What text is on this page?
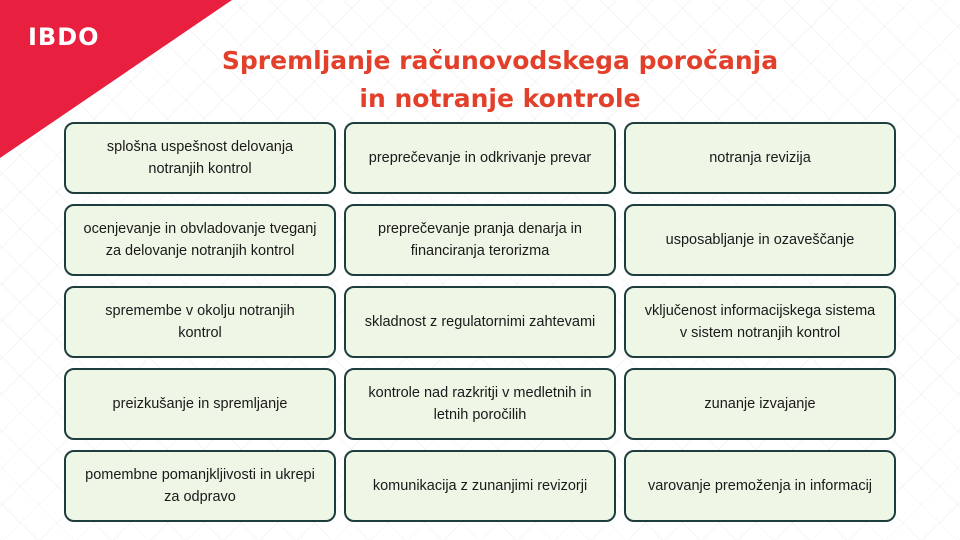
IBDO
Spremljanje računovodskega poročanja
in notranje kontrole
splošna uspešnost delovanja notranjih kontrol
preprečevanje in odkrivanje prevar	notranja revizija
ocenjevanje in obvladovanje tveganj za delovanje notranjih kontrol
preprečevanje pranja denarja in financiranja terorizma
usposabljanje in ozaveščanje
spremembe v okolju notranjih kontrol
skladnost z regulatornimi zahtevami
vključenost informacijskega sistema v sistem notranjih kontrol
preizkušanje in spremljanje
kontrole nad razkritji v medletnih in letnih poročilih
zunanje izvajanje
pomembne pomanjkljivosti in ukrepi za odpravo
komunikacija z zunanjimi revizorji	varovanje premoženja in informacij
